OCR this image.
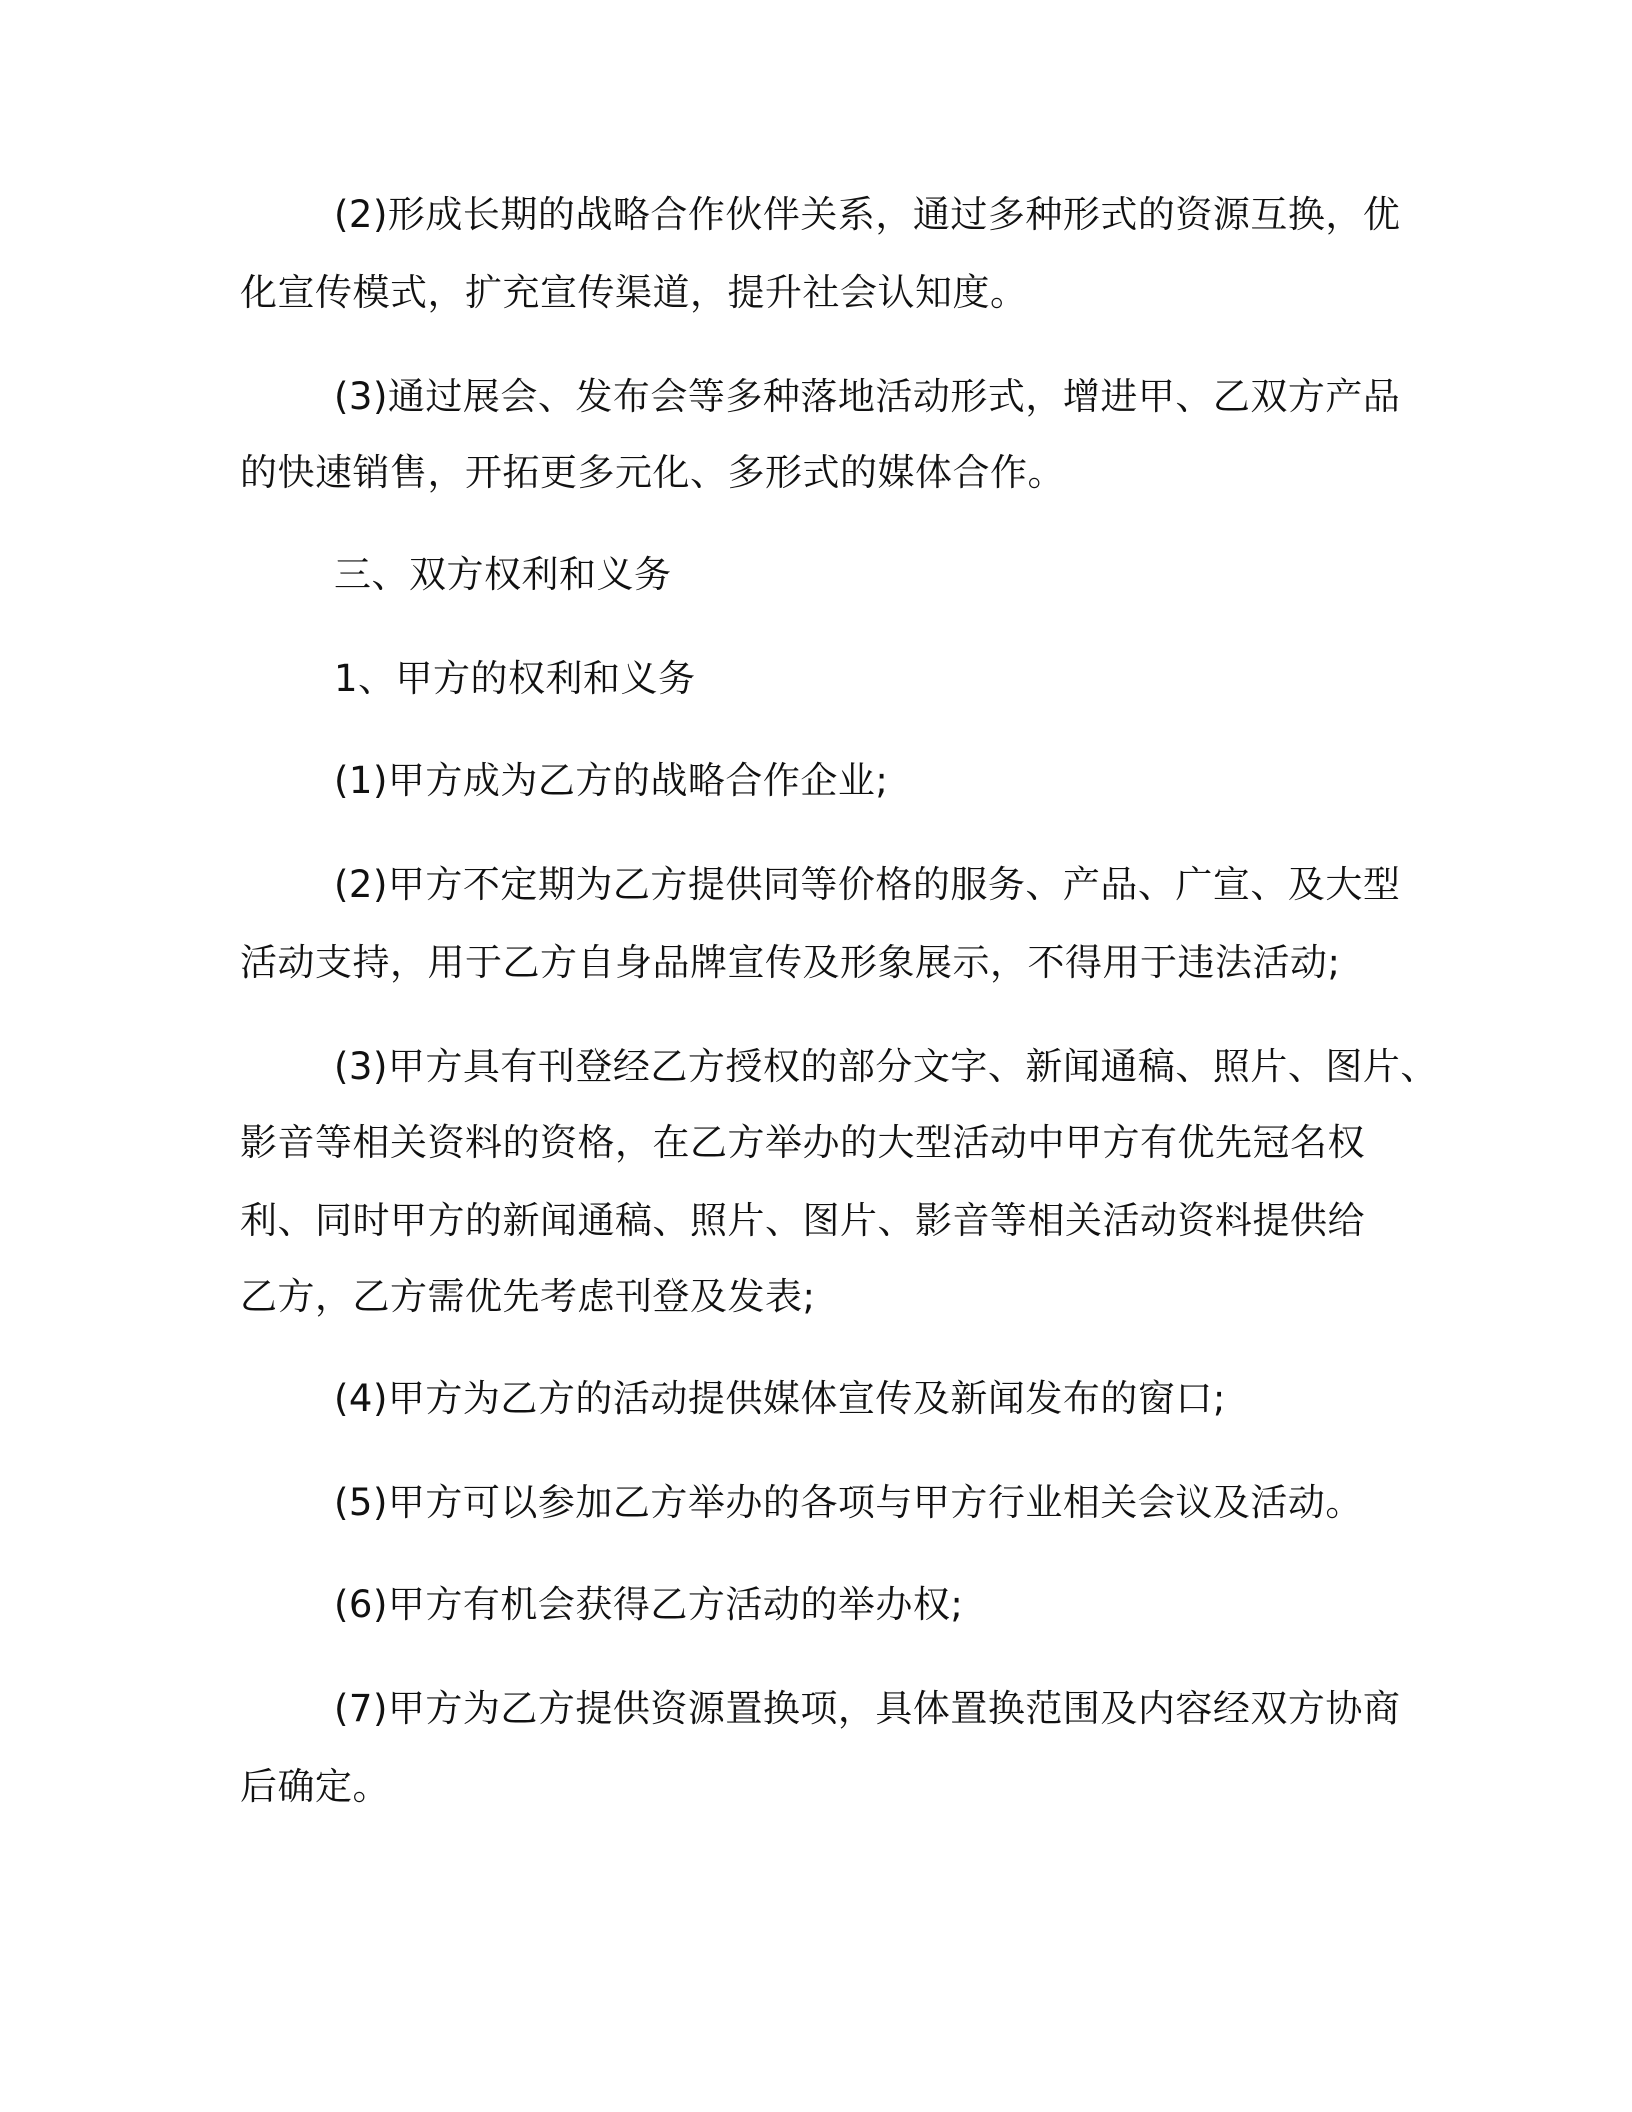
(2)形成长期的战略合作伙伴关系，通过多种形式的资源互换，优

化宣传模式，扩充宣传渠道，提升社会认知度。

(3)通过展会、发布会等多种落地活动形式，增进甲、乙双方产品

的快速销售，开拓更多元化、多形式的媒体合作。

三、双方权利和义务

1、甲方的权利和义务

(1)甲方成为乙方的战略合作企业;

(2)甲方不定期为乙方提供同等价格的服务、产品、广宣、及大型

活动支持，用于乙方自身品牌宣传及形象展示，不得用于违法活动;

(3)甲方具有刊登经乙方授权的部分文字、新闻通稿、照片、图片、

影音等相关资料的资格，在乙方举办的大型活动中甲方有优先冠名权

利、同时甲方的新闻通稿、照片、图片、影音等相关活动资料提供给

乙方，乙方需优先考虑刊登及发表;

(4)甲方为乙方的活动提供媒体宣传及新闻发布的窗口;

(5)甲方可以参加乙方举办的各项与甲方行业相关会议及活动。

(6)甲方有机会获得乙方活动的举办权;

(7)甲方为乙方提供资源置换项，具体置换范围及内容经双方协商

后确定。
